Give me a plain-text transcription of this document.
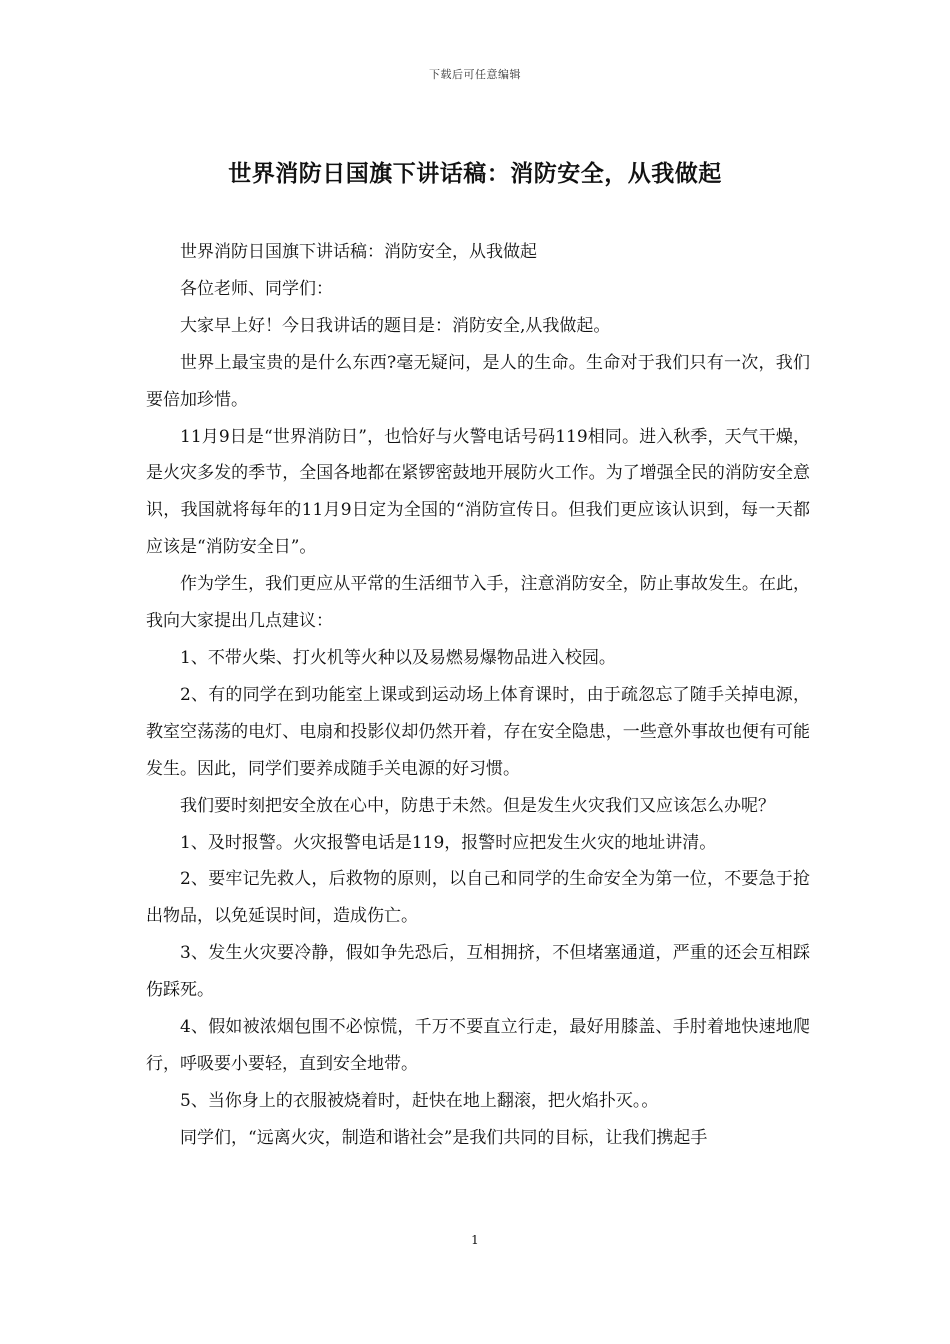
下载后可任意编辑
世界消防日国旗下讲话稿：消防安全，从我做起

世界消防日国旗下讲话稿：消防安全，从我做起

各位老师、同学们：

大家早上好！今日我讲话的题目是：消防安全,从我做起。

世界上最宝贵的是什么东西?毫无疑问，是人的生命。生命对于我们只有一次，我们要倍加珍惜。

11月9日是“世界消防日”，也恰好与火警电话号码119相同。进入秋季，天气干燥，是火灾多发的季节，全国各地都在紧锣密鼓地开展防火工作。为了增强全民的消防安全意识，我国就将每年的11月9日定为全国的“消防宣传日。但我们更应该认识到，每一天都应该是“消防安全日”。

作为学生，我们更应从平常的生活细节入手，注意消防安全，防止事故发生。在此，我向大家提出几点建议：

1、不带火柴、打火机等火种以及易燃易爆物品进入校园。

2、有的同学在到功能室上课或到运动场上体育课时，由于疏忽忘了随手关掉电源，教室空荡荡的电灯、电扇和投影仪却仍然开着，存在安全隐患，一些意外事故也便有可能发生。因此，同学们要养成随手关电源的好习惯。

我们要时刻把安全放在心中，防患于未然。但是发生火灾我们又应该怎么办呢？

1、及时报警。火灾报警电话是119，报警时应把发生火灾的地址讲清。

2、要牢记先救人，后救物的原则，以自己和同学的生命安全为第一位，不要急于抢出物品，以免延误时间，造成伤亡。

3、发生火灾要冷静，假如争先恐后，互相拥挤，不但堵塞通道，严重的还会互相踩伤踩死。

4、假如被浓烟包围不必惊慌，千万不要直立行走，最好用膝盖、手肘着地快速地爬行，呼吸要小要轻，直到安全地带。

5、当你身上的衣服被烧着时，赶快在地上翻滚，把火焰扑灭。。

同学们，“远离火灾，制造和谐社会”是我们共同的目标，让我们携起手

1
